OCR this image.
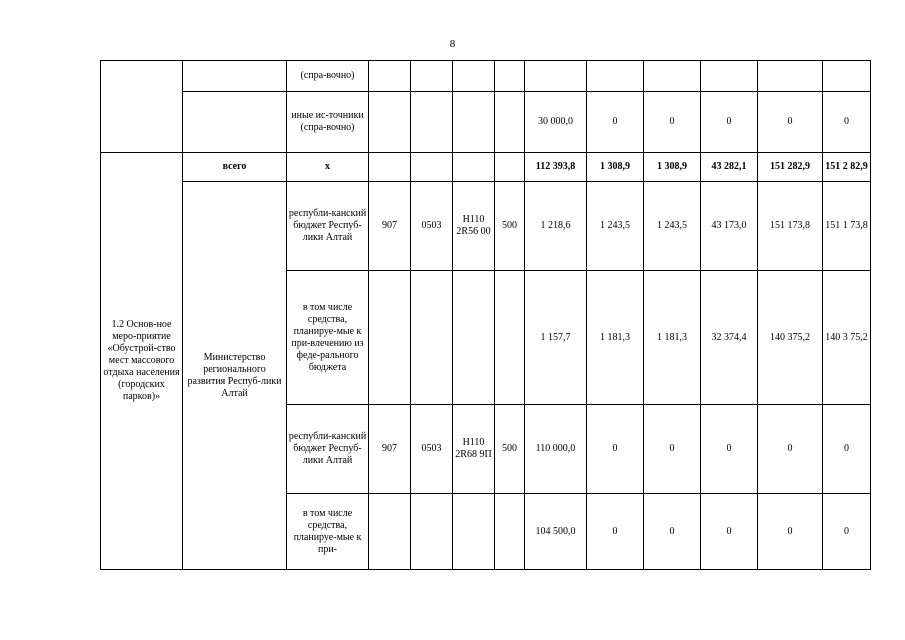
8
		(спра-вочно)										
		иные ис-точники (спра-вочно)					30 000,0	0	0	0	0	0
1.2 Основ-ное меро-приятие «Обустрой-ство мест массового отдыха населения (городских парков)»	всего	х					112 393,8	1 308,9	1 308,9	43 282,1	151 282,9	151 2 82,9
	Министерство регионального развития Респуб-лики Алтай	республи-канский бюджет Респуб-лики Алтай	907	0503	Н110 2R56 00	500	1 218,6	1 243,5	1 243,5	43 173,0	151 173,8	151 1 73,8
		в том числе средства, планируе-мые к при-влечению из феде-рального бюджета					1 157,7	1 181,3	1 181,3	32 374,4	140 375,2	140 3 75,2
		республи-канский бюджет Респуб-лики Алтай	907	0503	Н110 2R68 9П	500	110 000,0	0	0	0	0	0
		в том числе средства, планируе-мые к при-					104 500,0	0	0	0	0	0
